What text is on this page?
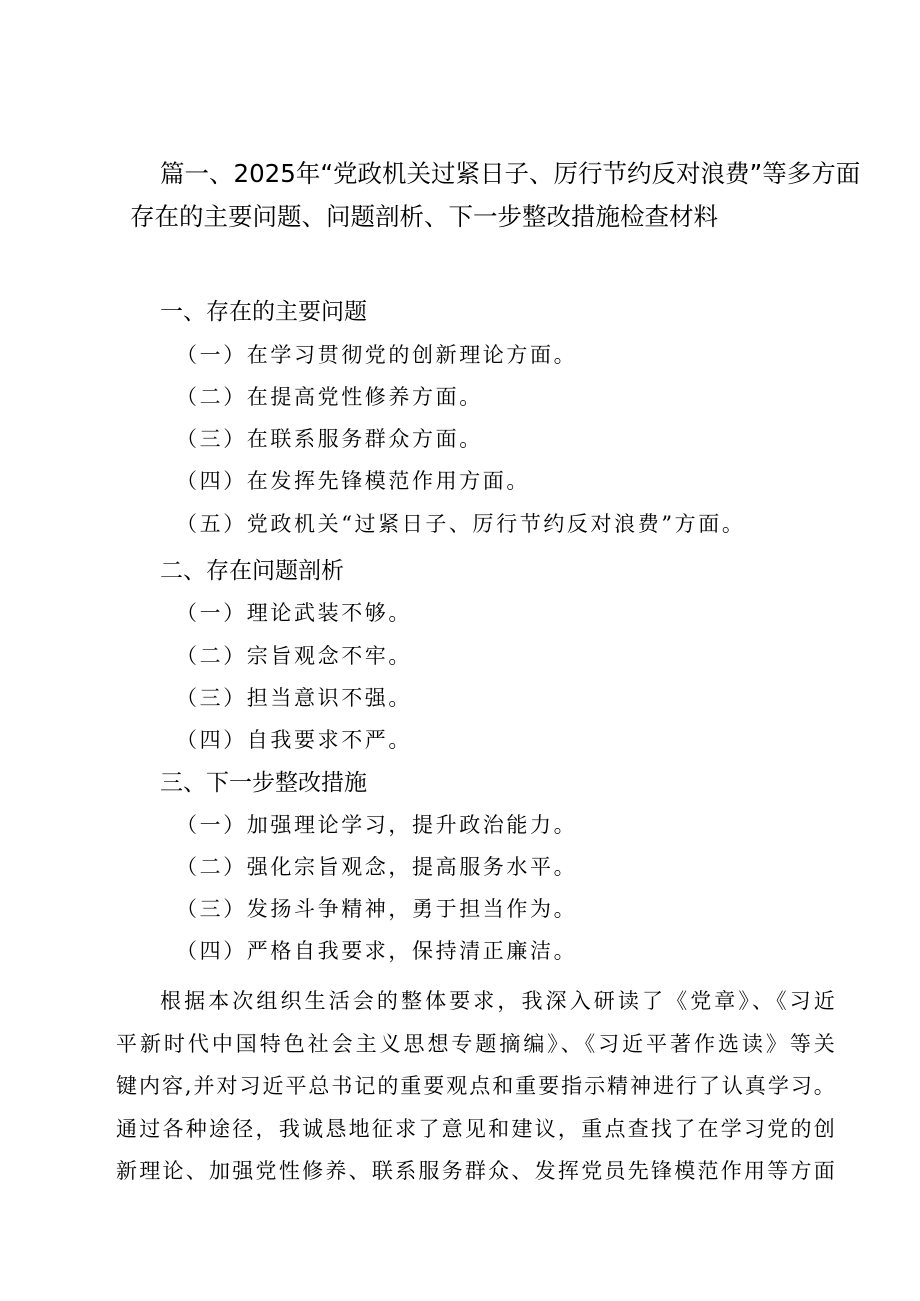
篇一、2025年“党政机关过紧日子、厉行节约反对浪费”等多方面
存在的主要问题、问题剖析、下一步整改措施检查材料
一、存在的主要问题
（一）在学习贯彻党的创新理论方面。
（二）在提高党性修养方面。
（三）在联系服务群众方面。
（四）在发挥先锋模范作用方面。
（五）党政机关“过紧日子、厉行节约反对浪费”方面。
二、存在问题剖析
（一）理论武装不够。
（二）宗旨观念不牢。
（三）担当意识不强。
（四）自我要求不严。
三、下一步整改措施
（一）加强理论学习，提升政治能力。
（二）强化宗旨观念，提高服务水平。
（三）发扬斗争精神，勇于担当作为。
（四）严格自我要求，保持清正廉洁。
根据本次组织生活会的整体要求，我深入研读了《党章》、《习近
平新时代中国特色社会主义思想专题摘编》、《习近平著作选读》等关
键内容,并对习近平总书记的重要观点和重要指示精神进行了认真学习。
通过各种途径，我诚恳地征求了意见和建议，重点查找了在学习党的创
新理论、加强党性修养、联系服务群众、发挥党员先锋模范作用等方面
